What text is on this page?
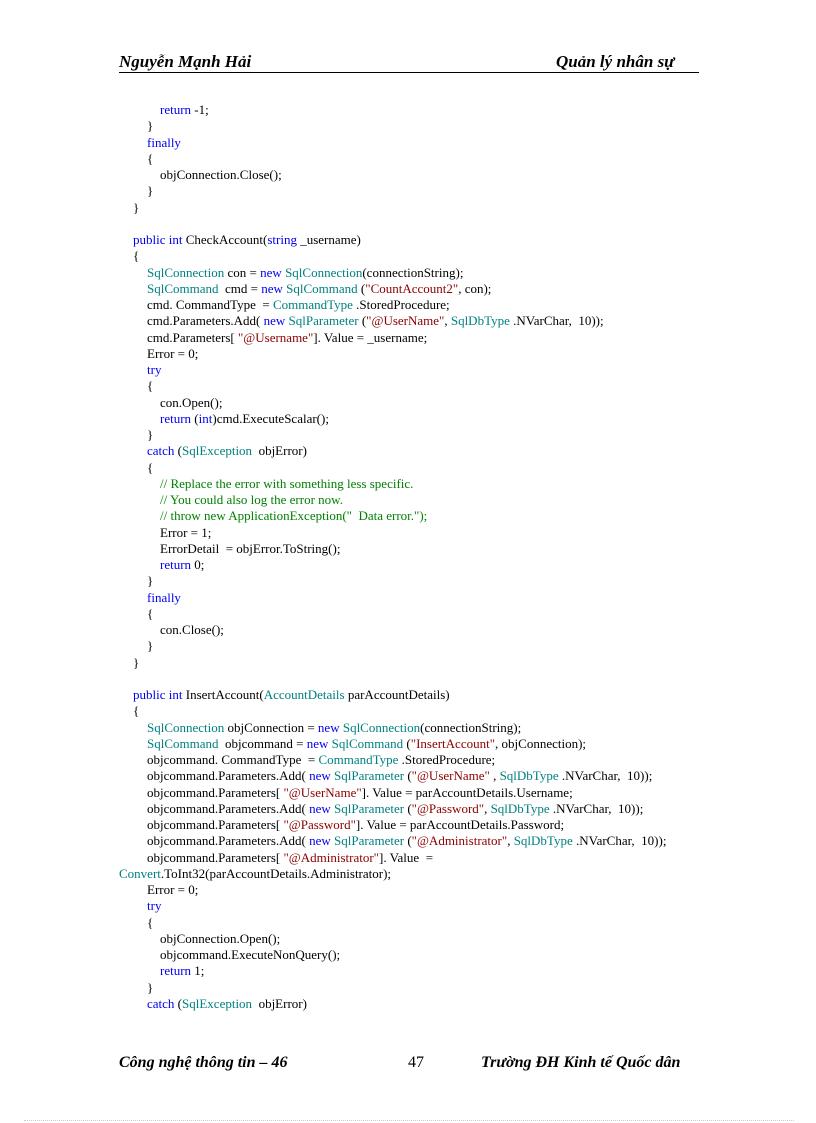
Nguyễn Mạnh Hải	Quản lý nhân sự
return -1;
}
finally
{
objConnection.Close();
}
}
public int CheckAccount(string _username)
{
SqlConnection con = new SqlConnection(connectionString);
SqlCommand  cmd = new SqlCommand ("CountAccount2", con);
cmd. CommandType  = CommandType .StoredProcedure;
cmd.Parameters.Add( new SqlParameter ("@UserName", SqlDbType .NVarChar,  10));
cmd.Parameters[ "@Username"]. Value = _username;
Error = 0;
try
{
con.Open();
return (int)cmd.ExecuteScalar();
}
catch (SqlException  objError)
{
// Replace the error with something less specific.
// You could also log the error now.
// throw new ApplicationException("  Data error.");
Error = 1;
ErrorDetail  = objError.ToString();
return 0;
}
finally
{
con.Close();
}
}
public int InsertAccount(AccountDetails parAccountDetails)
{
SqlConnection objConnection = new SqlConnection(connectionString);
SqlCommand  objcommand = new SqlCommand ("InsertAccount", objConnection);
objcommand. CommandType  = CommandType .StoredProcedure;
objcommand.Parameters.Add( new SqlParameter ("@UserName" , SqlDbType .NVarChar,  10));
objcommand.Parameters[ "@UserName"]. Value = parAccountDetails.Username;
objcommand.Parameters.Add( new SqlParameter ("@Password", SqlDbType .NVarChar,  10));
objcommand.Parameters[ "@Password"]. Value = parAccountDetails.Password;
objcommand.Parameters.Add( new SqlParameter ("@Administrator", SqlDbType .NVarChar,  10));
objcommand.Parameters[ "@Administrator"]. Value  =
Convert.ToInt32(parAccountDetails.Administrator);
Error = 0;
try
{
objConnection.Open();
objcommand.ExecuteNonQuery();
return 1;
}
catch (SqlException  objError)
Công nghệ thông tin – 46	47	Trường ĐH Kinh tế Quốc dân
